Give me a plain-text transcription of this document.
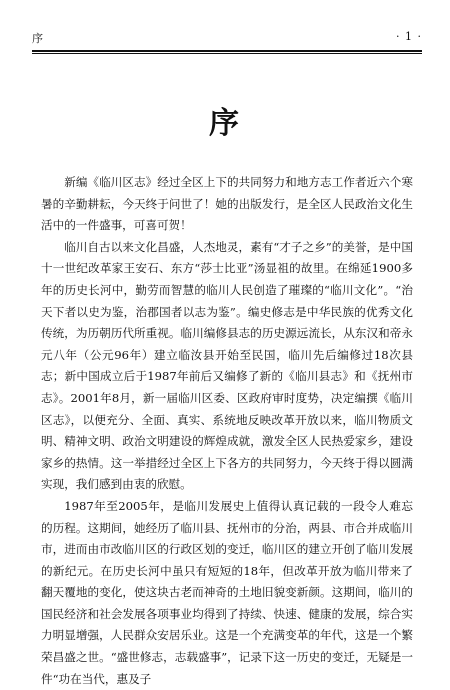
序	· 1 ·
序

新编《临川区志》经过全区上下的共同努力和地方志工作者近六个寒暑的辛勤耕耘，今天终于问世了！她的出版发行，是全区人民政治文化生活中的一件盛事，可喜可贺！

临川自古以来文化昌盛，人杰地灵，素有“才子之乡”的美誉，是中国十一世纪改革家王安石、东方“莎士比亚”汤显祖的故里。在绵延1900多年的历史长河中，勤劳而智慧的临川人民创造了璀璨的“临川文化”。“治天下者以史为鉴，治郡国者以志为鉴”。编史修志是中华民族的优秀文化传统，为历朝历代所重视。临川编修县志的历史源远流长，从东汉和帝永元八年（公元96年）建立临汝县开始至民国，临川先后编修过18次县志；新中国成立后于1987年前后又编修了新的《临川县志》和《抚州市志》。2001年8月，新一届临川区委、区政府审时度势，决定编撰《临川区志》，以便充分、全面、真实、系统地反映改革开放以来，临川物质文明、精神文明、政治文明建设的辉煌成就，激发全区人民热爱家乡，建设家乡的热情。这一举措经过全区上下各方的共同努力，今天终于得以圆满实现，我们感到由衷的欣慰。

1987年至2005年，是临川发展史上值得认真记载的一段令人难忘的历程。这期间，她经历了临川县、抚州市的分治，两县、市合并成临川市，进而由市改临川区的行政区划的变迁，临川区的建立开创了临川发展的新纪元。在历史长河中虽只有短短的18年，但改革开放为临川带来了翻天覆地的变化，使这块古老而神奇的土地旧貌变新颜。这期间，临川的国民经济和社会发展各项事业均得到了持续、快速、健康的发展，综合实力明显增强，人民群众安居乐业。这是一个充满变革的年代，这是一个繁荣昌盛之世。“盛世修志，志载盛事”，记录下这一历史的变迁，无疑是一件“功在当代，惠及子
